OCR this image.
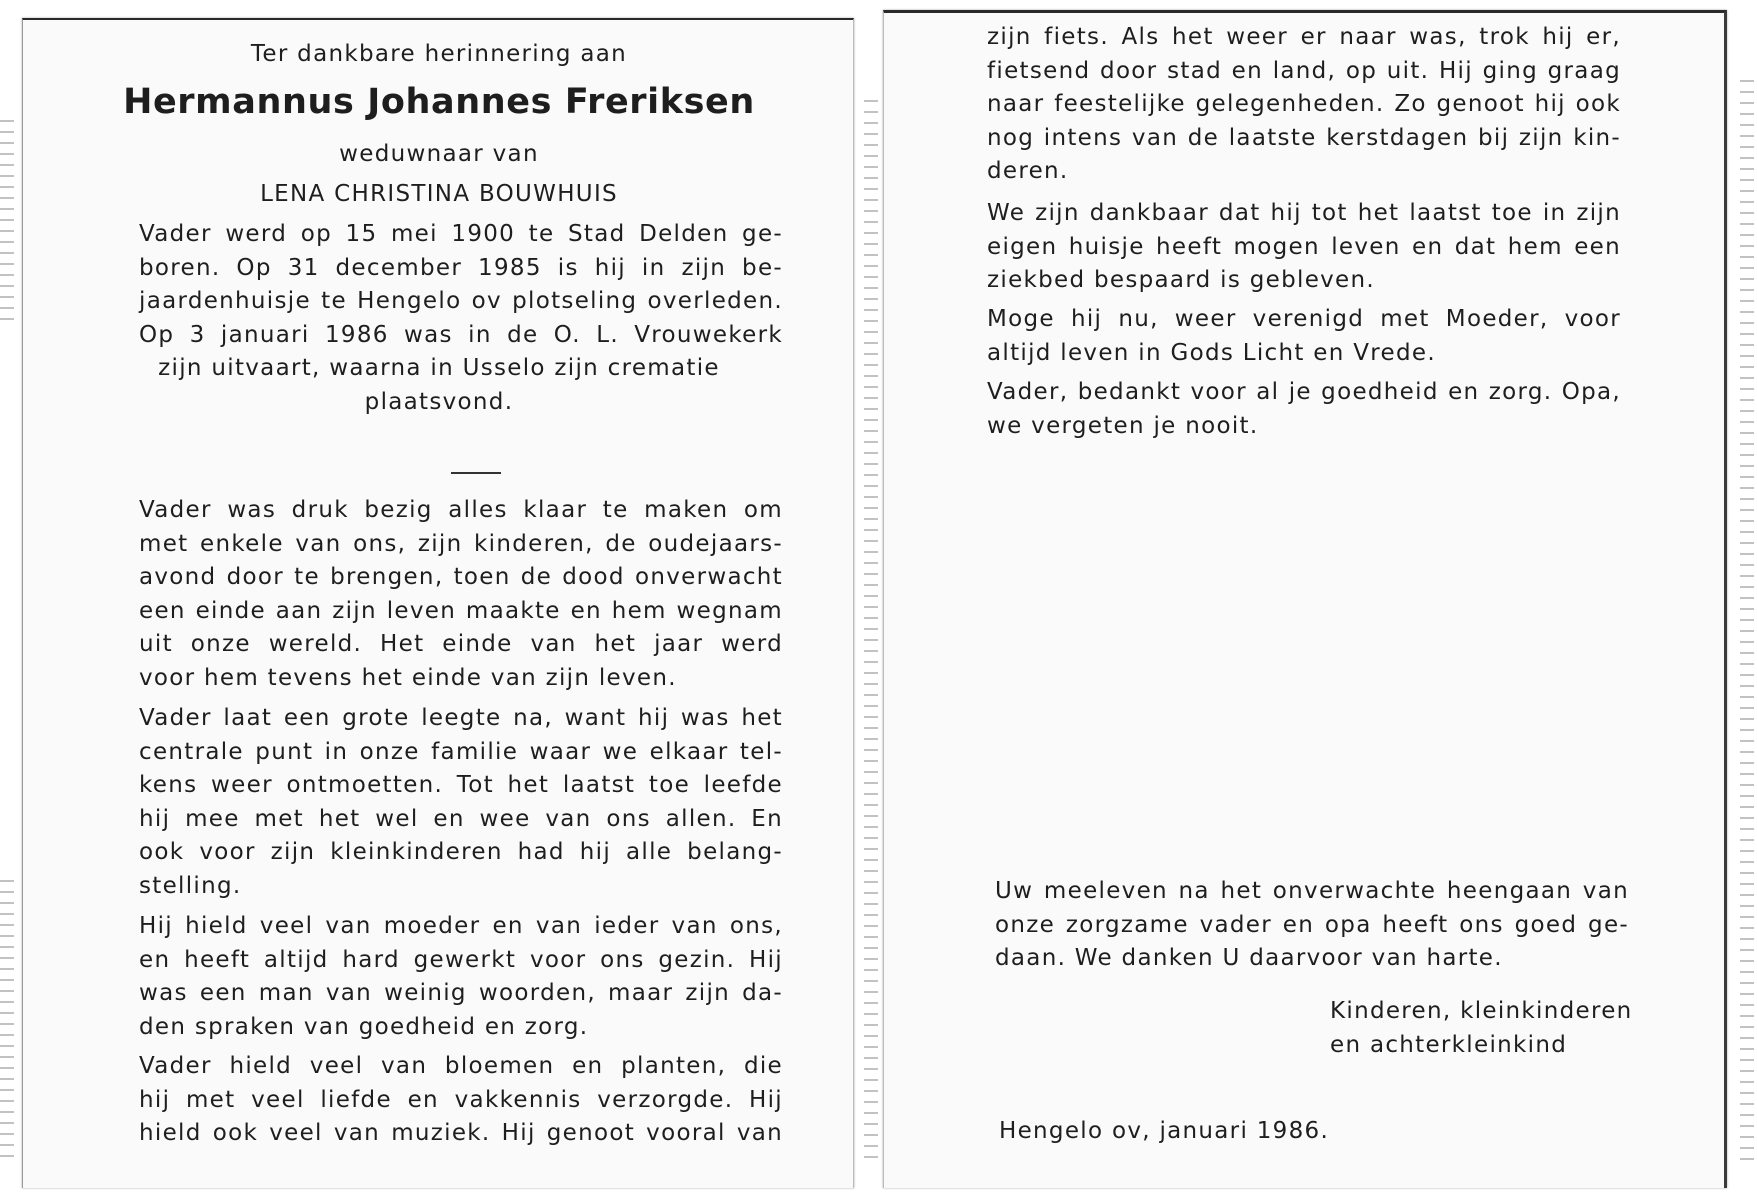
Ter dankbare herinnering aan
Hermannus Johannes Freriksen
weduwnaar van
LENA CHRISTINA BOUWHUIS
Vader werd op 15 mei 1900 te Stad Delden ge-
boren. Op 31 december 1985 is hij in zijn be-
jaardenhuisje te Hengelo ov plotseling overleden.
Op 3 januari 1986 was in de O. L. Vrouwekerk
zijn uitvaart, waarna in Usselo zijn crematie
plaatsvond.
Vader was druk bezig alles klaar te maken om
met enkele van ons, zijn kinderen, de oudejaars-
avond door te brengen, toen de dood onverwacht
een einde aan zijn leven maakte en hem wegnam
uit onze wereld. Het einde van het jaar werd
voor hem tevens het einde van zijn leven.
Vader laat een grote leegte na, want hij was het
centrale punt in onze familie waar we elkaar tel-
kens weer ontmoetten. Tot het laatst toe leefde
hij mee met het wel en wee van ons allen. En
ook voor zijn kleinkinderen had hij alle belang-
stelling.
Hij hield veel van moeder en van ieder van ons,
en heeft altijd hard gewerkt voor ons gezin. Hij
was een man van weinig woorden, maar zijn da-
den spraken van goedheid en zorg.
Vader hield veel van bloemen en planten, die
hij met veel liefde en vakkennis verzorgde. Hij
hield ook veel van muziek. Hij genoot vooral van
zijn fiets. Als het weer er naar was, trok hij er,
fietsend door stad en land, op uit. Hij ging graag
naar feestelijke gelegenheden. Zo genoot hij ook
nog intens van de laatste kerstdagen bij zijn kin-
deren.
We zijn dankbaar dat hij tot het laatst toe in zijn
eigen huisje heeft mogen leven en dat hem een
ziekbed bespaard is gebleven.
Moge hij nu, weer verenigd met Moeder, voor
altijd leven in Gods Licht en Vrede.
Vader, bedankt voor al je goedheid en zorg. Opa,
we vergeten je nooit.
Uw meeleven na het onverwachte heengaan van
onze zorgzame vader en opa heeft ons goed ge-
daan. We danken U daarvoor van harte.
Kinderen, kleinkinderen
en achterkleinkind
Hengelo ov, januari 1986.
